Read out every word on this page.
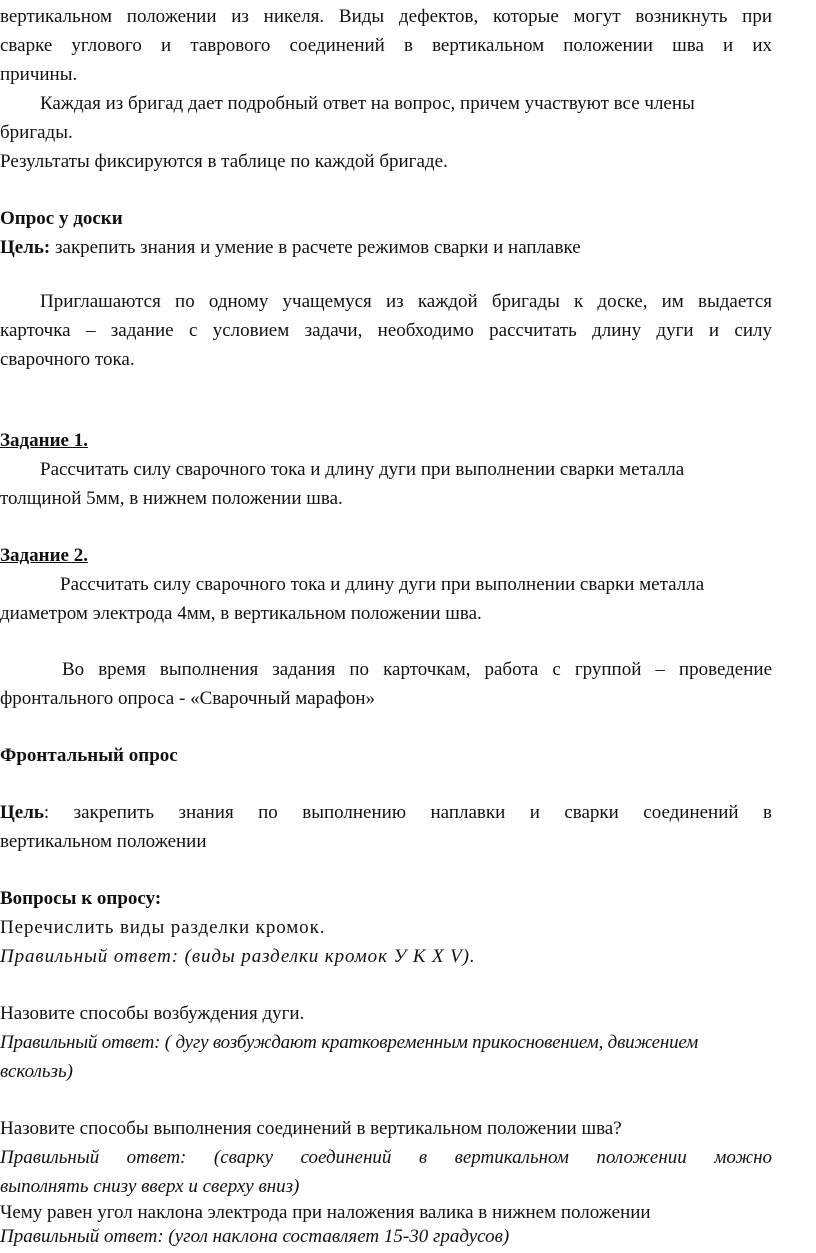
вертикальном положении из никеля. Виды дефектов, которые могут возникнуть при
сварке углового и таврового соединений в вертикальном положении шва и их
причины.
Каждая из бригад дает подробный ответ на вопрос, причем участвуют все члены
бригады.
Результаты фиксируются в таблице по каждой бригаде.
Опрос у доски
Цель: закрепить знания и умение в расчете режимов сварки и наплавке
Приглашаются по одному учащемуся из каждой бригады к доске, им выдается
карточка – задание с условием задачи, необходимо рассчитать длину дуги и силу
сварочного тока.
Задание 1.
Рассчитать силу сварочного тока и длину дуги при выполнении сварки металла
толщиной 5мм, в нижнем положении шва.
Задание 2.
Рассчитать силу сварочного тока и длину дуги при выполнении сварки металла
диаметром электрода 4мм, в вертикальном положении шва.
Во время выполнения задания по карточкам, работа с группой – проведение
фронтального опроса - «Сварочный марафон»
Фронтальный опрос
Цель: закрепить знания по выполнению наплавки и сварки соединений в
вертикальном положении
Вопросы к опросу:
Перечислить виды разделки кромок.
Правильный ответ: (виды разделки кромок У К Х V).
Назовите способы возбуждения дуги.
Правильный ответ: ( дугу возбуждают кратковременным прикосновением, движением
вскользь)
Назовите способы выполнения соединений в вертикальном положении шва?
Правильный ответ: (сварку соединений в вертикальном положении можно
выполнять снизу вверх и сверху вниз)
Чему равен угол наклона электрода при наложения валика в нижнем положении
Правильный ответ: (угол наклона составляет 15-30 градусов)
